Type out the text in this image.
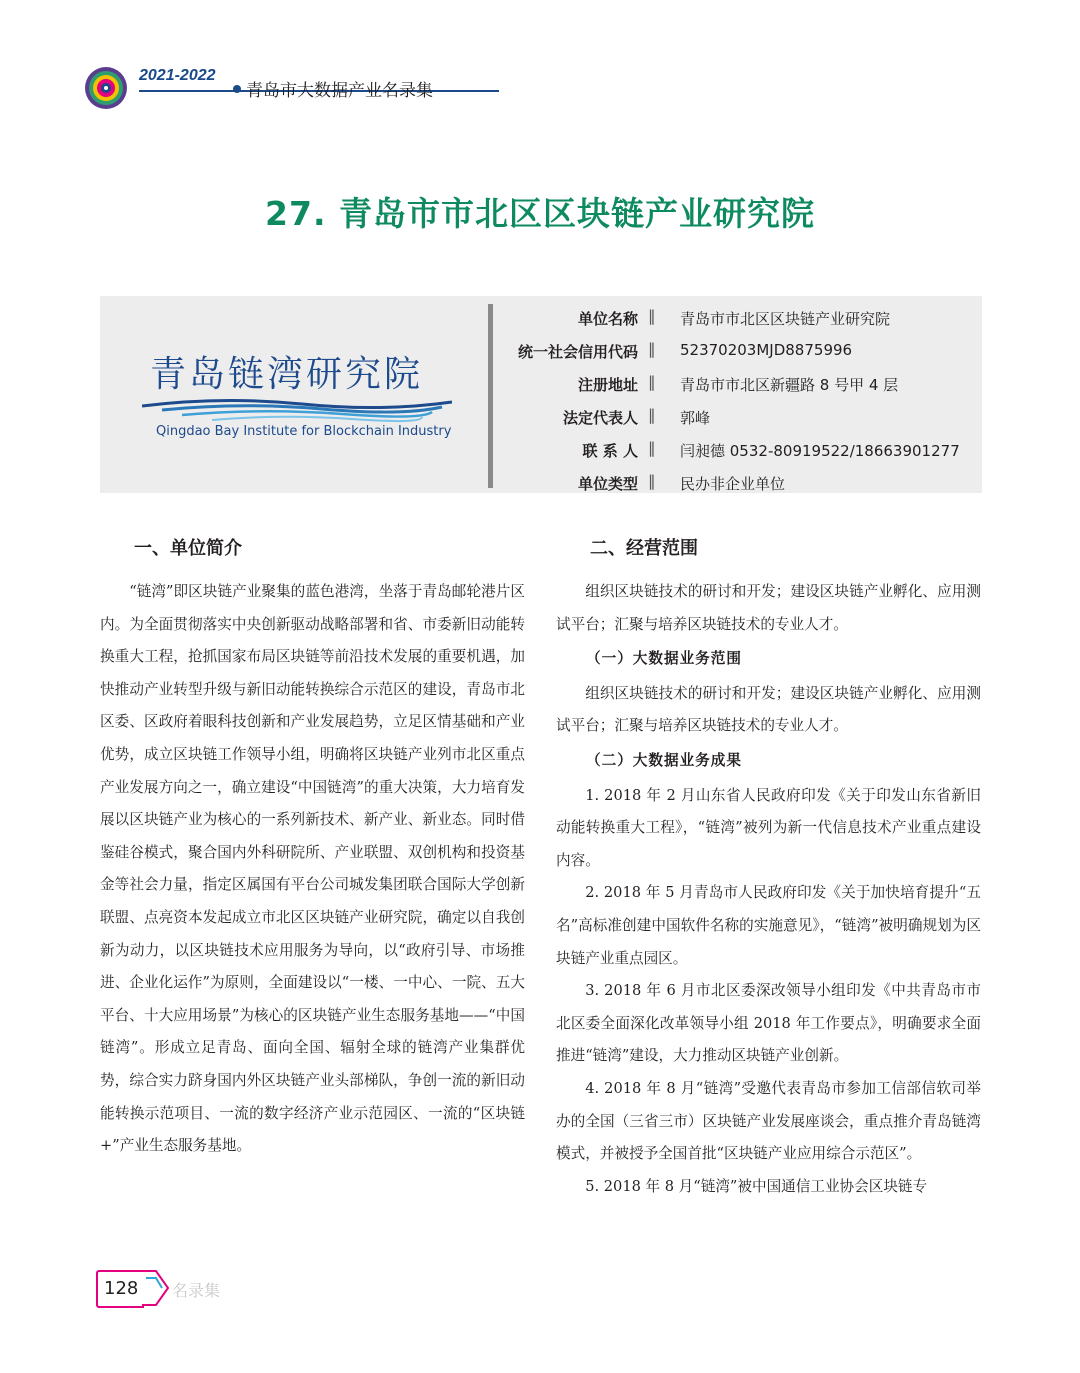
2021-2022
青岛市大数据产业名录集
27. 青岛市市北区区块链产业研究院
青岛链湾研究院
Qingdao Bay Institute for Blockchain Industry
单位名称 ‖ 青岛市市北区区块链产业研究院
统一社会信用代码 ‖ 52370203MJD8875996
注册地址 ‖ 青岛市市北区新疆路 8 号甲 4 层
法定代表人 ‖ 郭峰
联 系 人 ‖ 闫昶德 0532-80919522/18663901277
单位类型 ‖ 民办非企业单位
一、单位简介

“链湾”即区块链产业聚集的蓝色港湾，坐落于青岛邮轮港片区内。为全面贯彻落实中央创新驱动战略部署和省、市委新旧动能转换重大工程，抢抓国家布局区块链等前沿技术发展的重要机遇，加快推动产业转型升级与新旧动能转换综合示范区的建设，青岛市北区委、区政府着眼科技创新和产业发展趋势，立足区情基础和产业优势，成立区块链工作领导小组，明确将区块链产业列市北区重点产业发展方向之一，确立建设“中国链湾”的重大决策，大力培育发展以区块链产业为核心的一系列新技术、新产业、新业态。同时借鉴硅谷模式，聚合国内外科研院所、产业联盟、双创机构和投资基金等社会力量，指定区属国有平台公司城发集团联合国际大学创新联盟、点亮资本发起成立市北区区块链产业研究院，确定以自我创新为动力，以区块链技术应用服务为导向，以“政府引导、市场推进、企业化运作”为原则，全面建设以“一楼、一中心、一院、五大平台、十大应用场景”为核心的区块链产业生态服务基地——“中国链湾”。形成立足青岛、面向全国、辐射全球的链湾产业集群优势，综合实力跻身国内外区块链产业头部梯队，争创一流的新旧动能转换示范项目、一流的数字经济产业示范园区、一流的“区块链 +”产业生态服务基地。

二、经营范围

组织区块链技术的研讨和开发；建设区块链产业孵化、应用测试平台；汇聚与培养区块链技术的专业人才。

（一）大数据业务范围

组织区块链技术的研讨和开发；建设区块链产业孵化、应用测试平台；汇聚与培养区块链技术的专业人才。

（二）大数据业务成果

1. 2018 年 2 月山东省人民政府印发《关于印发山东省新旧动能转换重大工程》，“链湾”被列为新一代信息技术产业重点建设内容。

2. 2018 年 5 月青岛市人民政府印发《关于加快培育提升“五名”高标准创建中国软件名称的实施意见》，“链湾”被明确规划为区块链产业重点园区。

3. 2018 年 6 月市北区委深改领导小组印发《中共青岛市市北区委全面深化改革领导小组 2018 年工作要点》，明确要求全面推进“链湾”建设，大力推动区块链产业创新。

4. 2018 年 8 月“链湾”受邀代表青岛市参加工信部信软司举办的全国（三省三市）区块链产业发展座谈会，重点推介青岛链湾模式，并被授予全国首批“区块链产业应用综合示范区”。

5. 2018 年 8 月“链湾”被中国通信工业协会区块链专

128 名录集
